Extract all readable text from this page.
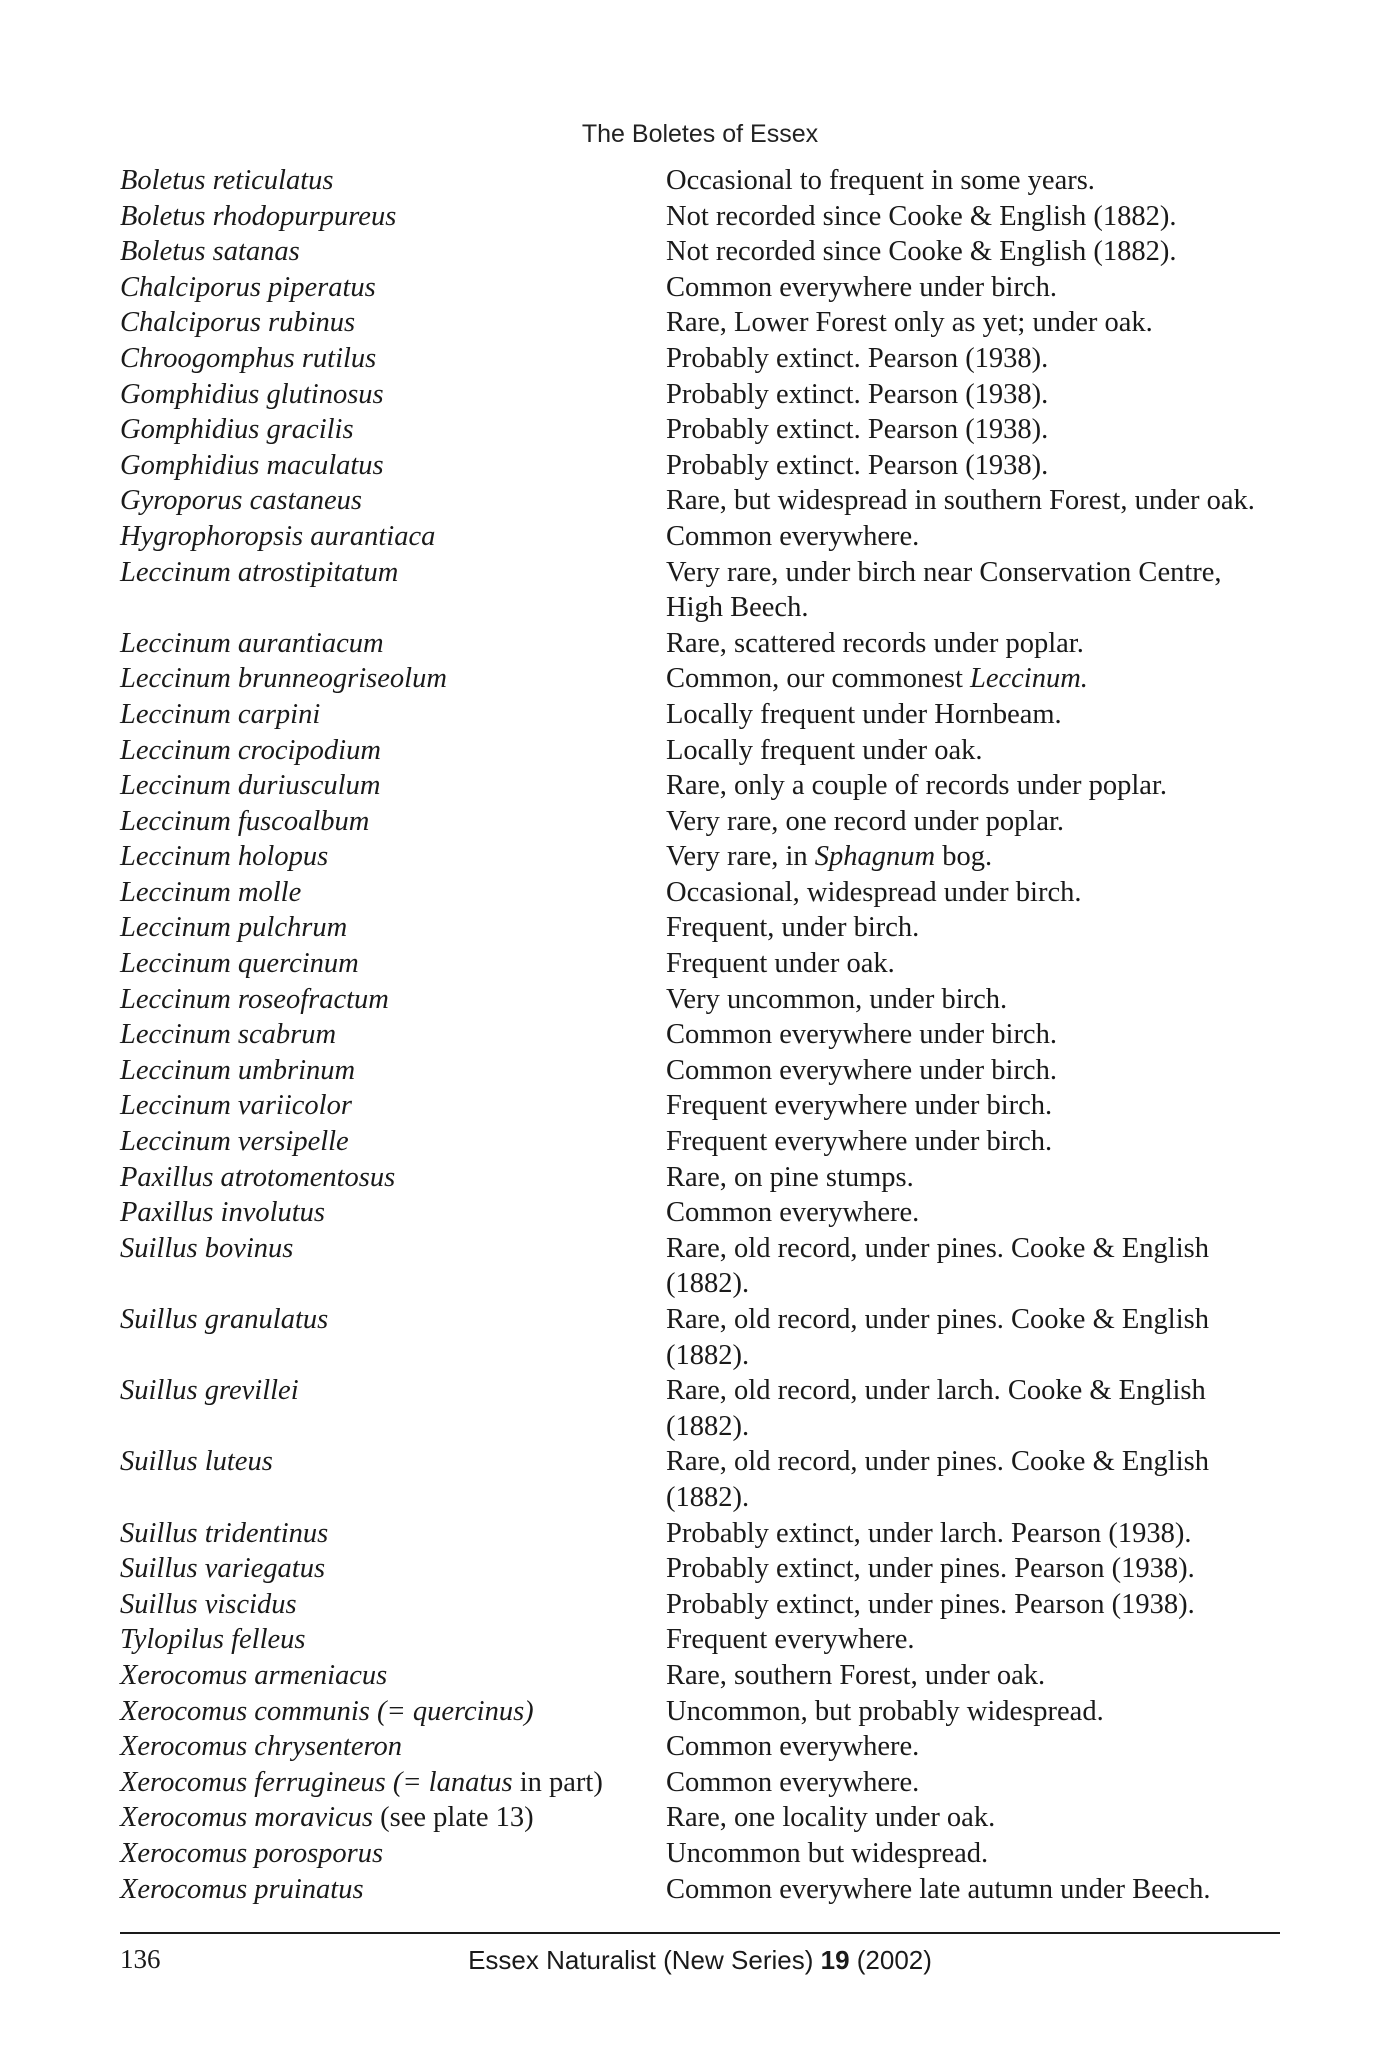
The Boletes of Essex
Boletus reticulatus	Occasional to frequent in some years.
Boletus rhodopurpureus	Not recorded since Cooke & English (1882).
Boletus satanas	Not recorded since Cooke & English (1882).
Chalciporus piperatus	Common everywhere under birch.
Chalciporus rubinus	Rare, Lower Forest only as yet; under oak.
Chroogomphus rutilus	Probably extinct. Pearson (1938).
Gomphidius glutinosus	Probably extinct. Pearson (1938).
Gomphidius gracilis	Probably extinct. Pearson (1938).
Gomphidius maculatus	Probably extinct. Pearson (1938).
Gyroporus castaneus	Rare, but widespread in southern Forest, under oak.
Hygrophoropsis aurantiaca	Common everywhere.
Leccinum atrostipitatum	Very rare, under birch near Conservation Centre,
High Beech.
Leccinum aurantiacum	Rare, scattered records under poplar.
Leccinum brunneogriseolum	Common, our commonest Leccinum.
Leccinum carpini	Locally frequent under Hornbeam.
Leccinum crocipodium	Locally frequent under oak.
Leccinum duriusculum	Rare, only a couple of records under poplar.
Leccinum fuscoalbum	Very rare, one record under poplar.
Leccinum holopus	Very rare, in Sphagnum bog.
Leccinum molle	Occasional, widespread under birch.
Leccinum pulchrum	Frequent, under birch.
Leccinum quercinum	Frequent under oak.
Leccinum roseofractum	Very uncommon, under birch.
Leccinum scabrum	Common everywhere under birch.
Leccinum umbrinum	Common everywhere under birch.
Leccinum variicolor	Frequent everywhere under birch.
Leccinum versipelle	Frequent everywhere under birch.
Paxillus atrotomentosus	Rare, on pine stumps.
Paxillus involutus	Common everywhere.
Suillus bovinus	Rare, old record, under pines. Cooke & English
(1882).
Suillus granulatus	Rare, old record, under pines. Cooke & English
(1882).
Suillus grevillei	Rare, old record, under larch. Cooke & English
(1882).
Suillus luteus	Rare, old record, under pines. Cooke & English
(1882).
Suillus tridentinus	Probably extinct, under larch. Pearson (1938).
Suillus variegatus	Probably extinct, under pines. Pearson (1938).
Suillus viscidus	Probably extinct, under pines. Pearson (1938).
Tylopilus felleus	Frequent everywhere.
Xerocomus armeniacus	Rare, southern Forest, under oak.
Xerocomus communis (= quercinus)	Uncommon, but probably widespread.
Xerocomus chrysenteron	Common everywhere.
Xerocomus ferrugineus (= lanatus in part)	Common everywhere.
Xerocomus moravicus (see plate 13)	Rare, one locality under oak.
Xerocomus porosporus	Uncommon but widespread.
Xerocomus pruinatus	Common everywhere late autumn under Beech.
136	Essex Naturalist (New Series) 19 (2002)
